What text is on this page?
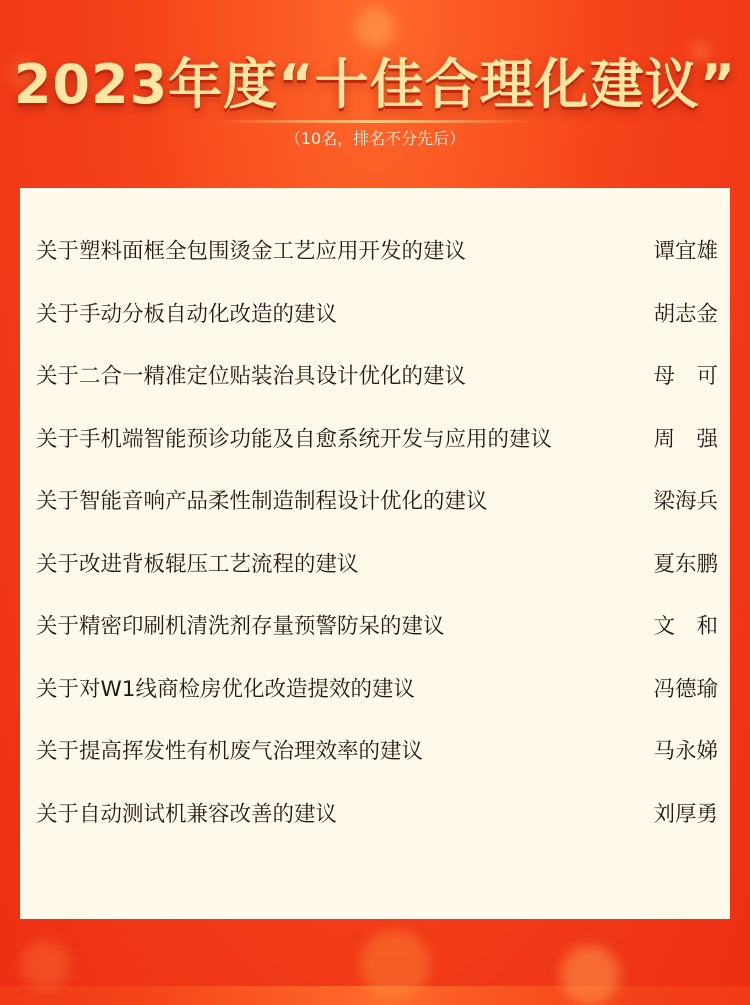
2023年度“十佳合理化建议”
（10名，排名不分先后）
关于塑料面框全包围烫金工艺应用开发的建议	谭宜雄
关于手动分板自动化改造的建议	胡志金
关于二合一精准定位贴装治具设计优化的建议	母　可
关于手机端智能预诊功能及自愈系统开发与应用的建议	周　强
关于智能音响产品柔性制造制程设计优化的建议	梁海兵
关于改进背板辊压工艺流程的建议	夏东鹏
关于精密印刷机清洗剂存量预警防呆的建议	文　和
关于对W1线商检房优化改造提效的建议	冯德瑜
关于提高挥发性有机废气治理效率的建议	马永娣
关于自动测试机兼容改善的建议	刘厚勇
